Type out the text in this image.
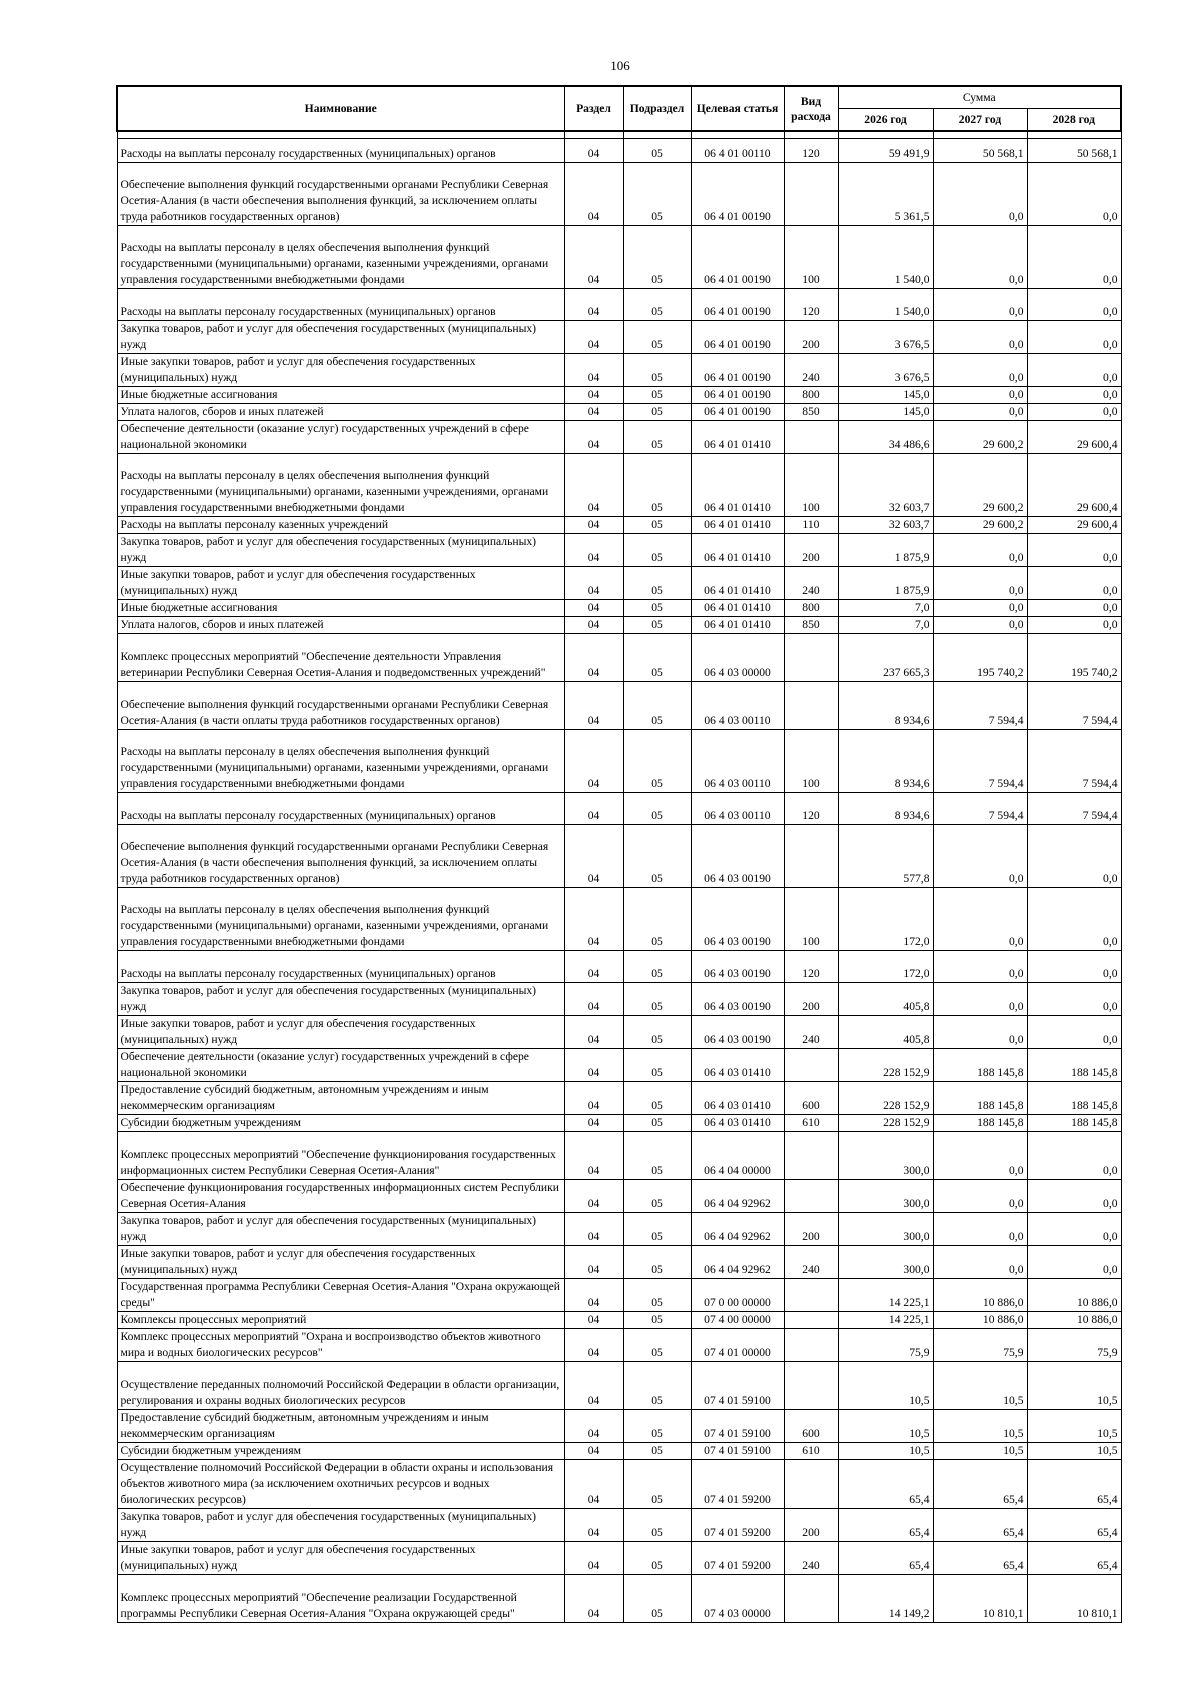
106
Наимнование	Раздел	Подраздел	Целевая статья	Вид расхода	Сумма		
					2026 год	2027 год	2028 год

Расходы на выплаты персоналу государственных (муниципальных) органов	04	05	06 4 01 00110	120	59 491,9	50 568,1	50 568,1
Обеспечение выполнения функций государственными органами Республики Северная Осетия-Алания (в части обеспечения выполнения функций, за исключением оплаты труда работников государственных органов)	04	05	06 4 01 00190		5 361,5	0,0	0,0
Расходы на выплаты персоналу в целях обеспечения выполнения функций государственными (муниципальными) органами, казенными учреждениями, органами управления государственными внебюджетными фондами	04	05	06 4 01 00190	100	1 540,0	0,0	0,0
Расходы на выплаты персоналу государственных (муниципальных) органов	04	05	06 4 01 00190	120	1 540,0	0,0	0,0
Закупка товаров, работ и услуг для обеспечения государственных (муниципальных) нужд	04	05	06 4 01 00190	200	3 676,5	0,0	0,0
Иные закупки товаров, работ и услуг для обеспечения государственных (муниципальных) нужд	04	05	06 4 01 00190	240	3 676,5	0,0	0,0
Иные бюджетные ассигнования	04	05	06 4 01 00190	800	145,0	0,0	0,0
Уплата налогов, сборов и иных платежей	04	05	06 4 01 00190	850	145,0	0,0	0,0
Обеспечение деятельности (оказание услуг) государственных учреждений в сфере национальной экономики	04	05	06 4 01 01410		34 486,6	29 600,2	29 600,4
Расходы на выплаты персоналу в целях обеспечения выполнения функций государственными (муниципальными) органами, казенными учреждениями, органами управления государственными внебюджетными фондами	04	05	06 4 01 01410	100	32 603,7	29 600,2	29 600,4
Расходы на выплаты персоналу казенных учреждений	04	05	06 4 01 01410	110	32 603,7	29 600,2	29 600,4
Закупка товаров, работ и услуг для обеспечения государственных (муниципальных) нужд	04	05	06 4 01 01410	200	1 875,9	0,0	0,0
Иные закупки товаров, работ и услуг для обеспечения государственных (муниципальных) нужд	04	05	06 4 01 01410	240	1 875,9	0,0	0,0
Иные бюджетные ассигнования	04	05	06 4 01 01410	800	7,0	0,0	0,0
Уплата налогов, сборов и иных платежей	04	05	06 4 01 01410	850	7,0	0,0	0,0
Комплекс процессных мероприятий "Обеспечение деятельности Управления ветеринарии Республики Северная Осетия-Алания и подведомственных учреждений"	04	05	06 4 03 00000		237 665,3	195 740,2	195 740,2
Обеспечение выполнения функций государственными органами Республики Северная Осетия-Алания (в части оплаты труда работников государственных органов)	04	05	06 4 03 00110		8 934,6	7 594,4	7 594,4
Расходы на выплаты персоналу в целях обеспечения выполнения функций государственными (муниципальными) органами, казенными учреждениями, органами управления государственными внебюджетными фондами	04	05	06 4 03 00110	100	8 934,6	7 594,4	7 594,4
Расходы на выплаты персоналу государственных (муниципальных) органов	04	05	06 4 03 00110	120	8 934,6	7 594,4	7 594,4
Обеспечение выполнения функций государственными органами Республики Северная Осетия-Алания (в части обеспечения выполнения функций, за исключением оплаты труда работников государственных органов)	04	05	06 4 03 00190		577,8	0,0	0,0
Расходы на выплаты персоналу в целях обеспечения выполнения функций государственными (муниципальными) органами, казенными учреждениями, органами управления государственными внебюджетными фондами	04	05	06 4 03 00190	100	172,0	0,0	0,0
Расходы на выплаты персоналу государственных (муниципальных) органов	04	05	06 4 03 00190	120	172,0	0,0	0,0
Закупка товаров, работ и услуг для обеспечения государственных (муниципальных) нужд	04	05	06 4 03 00190	200	405,8	0,0	0,0
Иные закупки товаров, работ и услуг для обеспечения государственных (муниципальных) нужд	04	05	06 4 03 00190	240	405,8	0,0	0,0
Обеспечение деятельности (оказание услуг) государственных учреждений в сфере национальной экономики	04	05	06 4 03 01410		228 152,9	188 145,8	188 145,8
Предоставление субсидий бюджетным, автономным учреждениям и иным некоммерческим организациям	04	05	06 4 03 01410	600	228 152,9	188 145,8	188 145,8
Субсидии бюджетным учреждениям	04	05	06 4 03 01410	610	228 152,9	188 145,8	188 145,8
Комплекс процессных мероприятий "Обеспечение функционирования государственных информационных систем Республики Северная Осетия-Алания"	04	05	06 4 04 00000		300,0	0,0	0,0
Обеспечение функционирования государственных информационных систем Республики Северная Осетия-Алания	04	05	06 4 04 92962		300,0	0,0	0,0
Закупка товаров, работ и услуг для обеспечения государственных (муниципальных) нужд	04	05	06 4 04 92962	200	300,0	0,0	0,0
Иные закупки товаров, работ и услуг для обеспечения государственных (муниципальных) нужд	04	05	06 4 04 92962	240	300,0	0,0	0,0
Государственная программа Республики Северная Осетия-Алания "Охрана окружающей среды"	04	05	07 0 00 00000		14 225,1	10 886,0	10 886,0
Комплексы процессных мероприятий	04	05	07 4 00 00000		14 225,1	10 886,0	10 886,0
Комплекс процессных мероприятий "Охрана и воспроизводство объектов животного мира и водных биологических ресурсов"	04	05	07 4 01 00000		75,9	75,9	75,9
Осуществление переданных полномочий Российской Федерации в области организации, регулирования и охраны водных биологических ресурсов	04	05	07 4 01 59100		10,5	10,5	10,5
Предоставление субсидий бюджетным, автономным учреждениям и иным некоммерческим организациям	04	05	07 4 01 59100	600	10,5	10,5	10,5
Субсидии бюджетным учреждениям	04	05	07 4 01 59100	610	10,5	10,5	10,5
Осуществление полномочий Российской Федерации в области охраны и использования объектов животного мира (за исключением охотничьих ресурсов и водных биологических ресурсов)	04	05	07 4 01 59200		65,4	65,4	65,4
Закупка товаров, работ и услуг для обеспечения государственных (муниципальных) нужд	04	05	07 4 01 59200	200	65,4	65,4	65,4
Иные закупки товаров, работ и услуг для обеспечения государственных (муниципальных) нужд	04	05	07 4 01 59200	240	65,4	65,4	65,4
Комплекс процессных мероприятий "Обеспечение реализации Государственной программы Республики Северная Осетия-Алания "Охрана окружающей среды"	04	05	07 4 03 00000		14 149,2	10 810,1	10 810,1
